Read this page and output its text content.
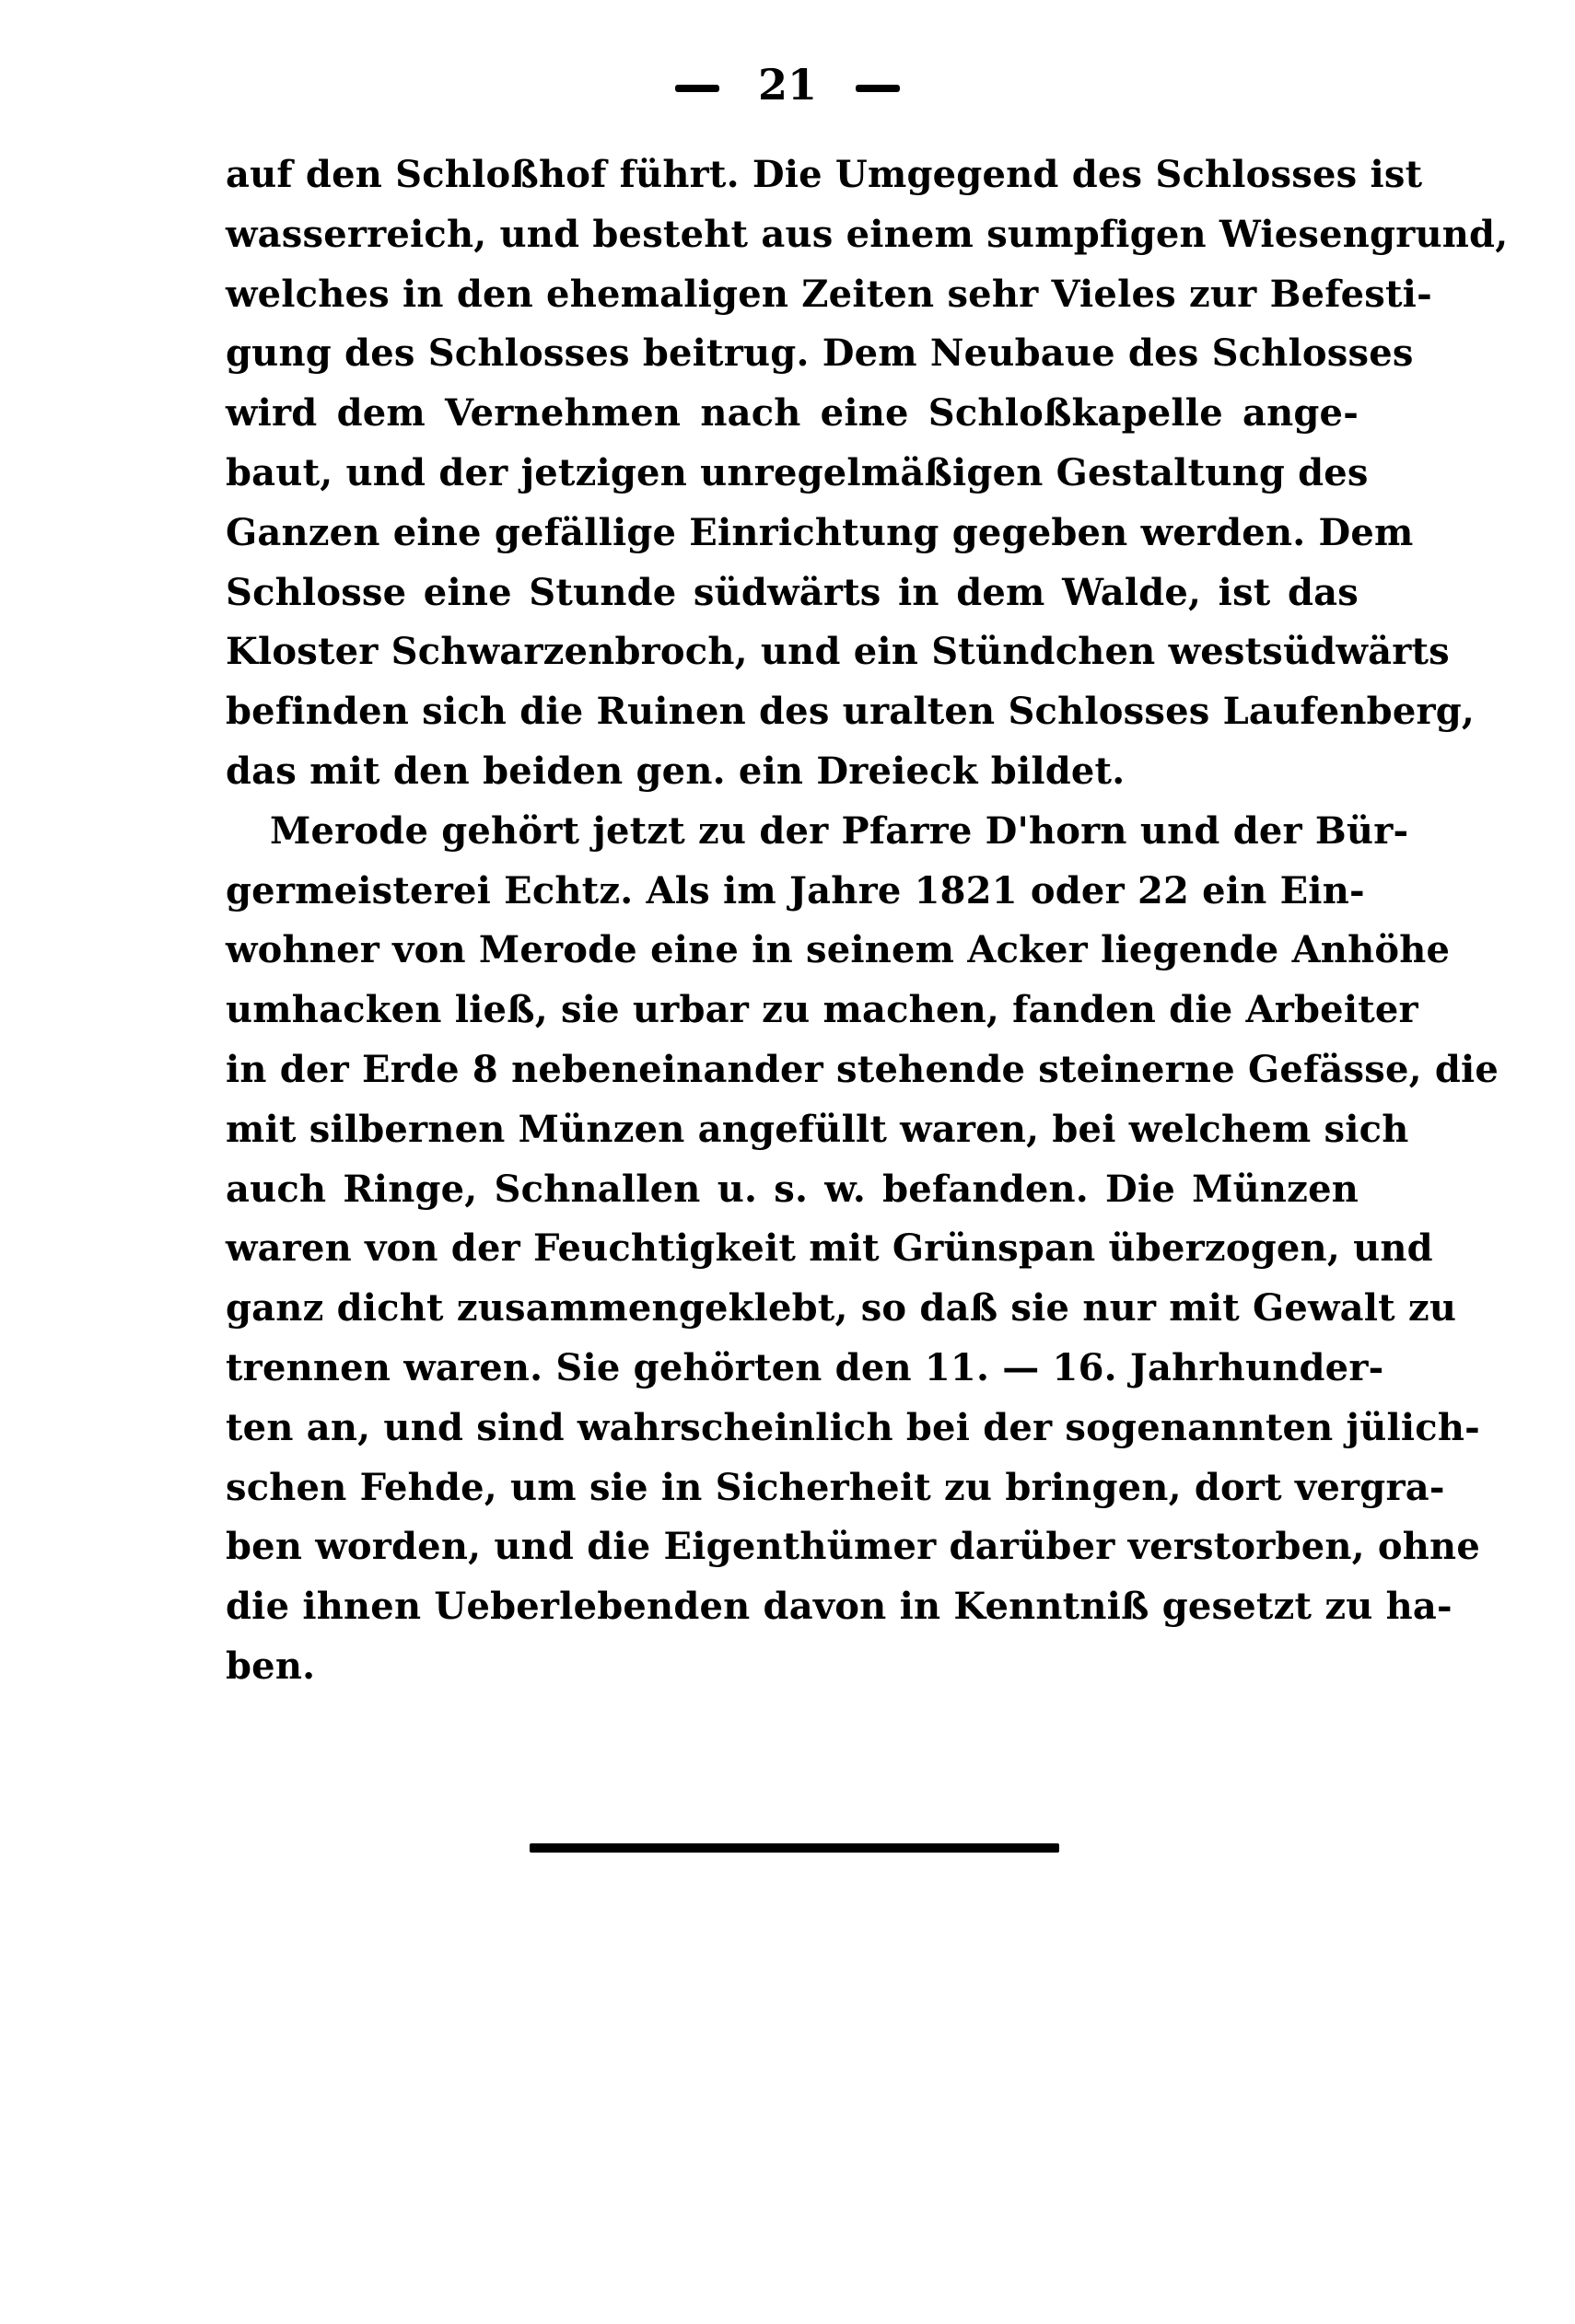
21
auf den Schloßhof führt. Die Umgegend des Schlosses ist
wasserreich, und besteht aus einem sumpfigen Wiesengrund,
welches in den ehemaligen Zeiten sehr Vieles zur Befesti-
gung des Schlosses beitrug. Dem Neubaue des Schlosses
wird dem Vernehmen nach eine Schloßkapelle ange-
baut, und der jetzigen unregelmäßigen Gestaltung des
Ganzen eine gefällige Einrichtung gegeben werden. Dem
Schlosse eine Stunde südwärts in dem Walde, ist das
Kloster Schwarzenbroch, und ein Stündchen westsüdwärts
befinden sich die Ruinen des uralten Schlosses Laufenberg,
das mit den beiden gen. ein Dreieck bildet.
Merode gehört jetzt zu der Pfarre D'horn und der Bür-
germeisterei Echtz. Als im Jahre 1821 oder 22 ein Ein-
wohner von Merode eine in seinem Acker liegende Anhöhe
umhacken ließ, sie urbar zu machen, fanden die Arbeiter
in der Erde 8 nebeneinander stehende steinerne Gefässe, die
mit silbernen Münzen angefüllt waren, bei welchem sich
auch Ringe, Schnallen u. s. w. befanden. Die Münzen
waren von der Feuchtigkeit mit Grünspan überzogen, und
ganz dicht zusammengeklebt, so daß sie nur mit Gewalt zu
trennen waren. Sie gehörten den 11. — 16. Jahrhunder-
ten an, und sind wahrscheinlich bei der sogenannten jülich-
schen Fehde, um sie in Sicherheit zu bringen, dort vergra-
ben worden, und die Eigenthümer darüber verstorben, ohne
die ihnen Ueberlebenden davon in Kenntniß gesetzt zu ha-
ben.
